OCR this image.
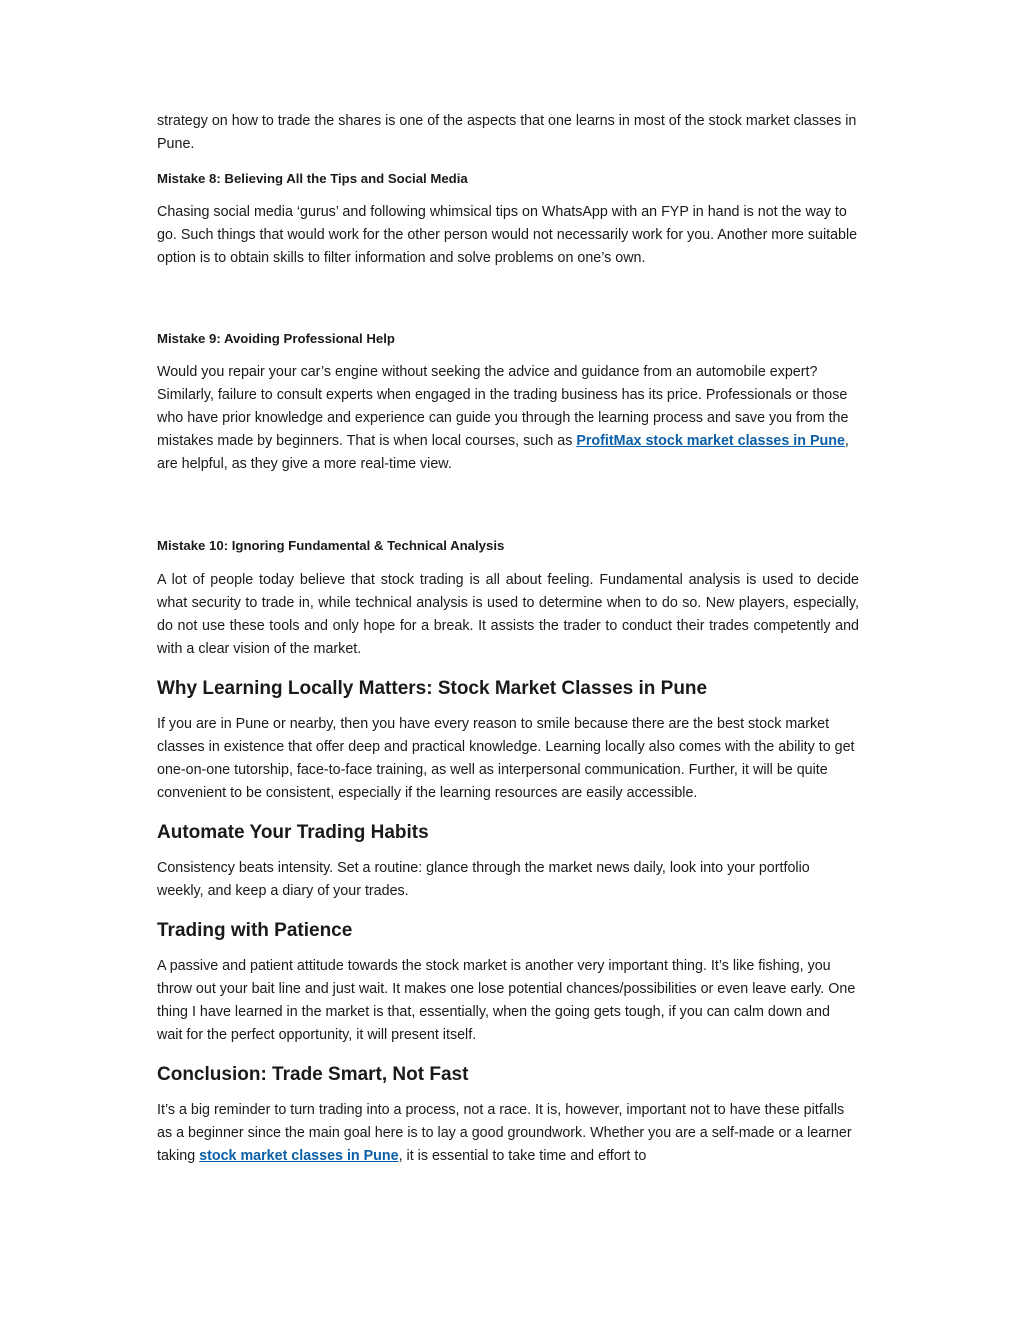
strategy on how to trade the shares is one of the aspects that one learns in most of the stock market classes in Pune.

Mistake 8: Believing All the Tips and Social Media

Chasing social media ‘gurus’ and following whimsical tips on WhatsApp with an FYP in hand is not the way to go. Such things that would work for the other person would not necessarily work for you. Another more suitable option is to obtain skills to filter information and solve problems on one’s own.

Mistake 9: Avoiding Professional Help

Would you repair your car’s engine without seeking the advice and guidance from an automobile expert? Similarly, failure to consult experts when engaged in the trading business has its price. Professionals or those who have prior knowledge and experience can guide you through the learning process and save you from the mistakes made by beginners. That is when local courses, such as ProfitMax stock market classes in Pune, are helpful, as they give a more real-time view.

Mistake 10: Ignoring Fundamental & Technical Analysis

A lot of people today believe that stock trading is all about feeling. Fundamental analysis is used to decide what security to trade in, while technical analysis is used to determine when to do so. New players, especially, do not use these tools and only hope for a break. It assists the trader to conduct their trades competently and with a clear vision of the market.

Why Learning Locally Matters: Stock Market Classes in Pune

If you are in Pune or nearby, then you have every reason to smile because there are the best stock market classes in existence that offer deep and practical knowledge. Learning locally also comes with the ability to get one-on-one tutorship, face-to-face training, as well as interpersonal communication. Further, it will be quite convenient to be consistent, especially if the learning resources are easily accessible.

Automate Your Trading Habits

Consistency beats intensity. Set a routine: glance through the market news daily, look into your portfolio weekly, and keep a diary of your trades.

Trading with Patience

A passive and patient attitude towards the stock market is another very important thing. It’s like fishing, you throw out your bait line and just wait. It makes one lose potential chances/possibilities or even leave early. One thing I have learned in the market is that, essentially, when the going gets tough, if you can calm down and wait for the perfect opportunity, it will present itself.

Conclusion: Trade Smart, Not Fast

It’s a big reminder to turn trading into a process, not a race. It is, however, important not to have these pitfalls as a beginner since the main goal here is to lay a good groundwork. Whether you are a self-made or a learner taking stock market classes in Pune, it is essential to take time and effort to
